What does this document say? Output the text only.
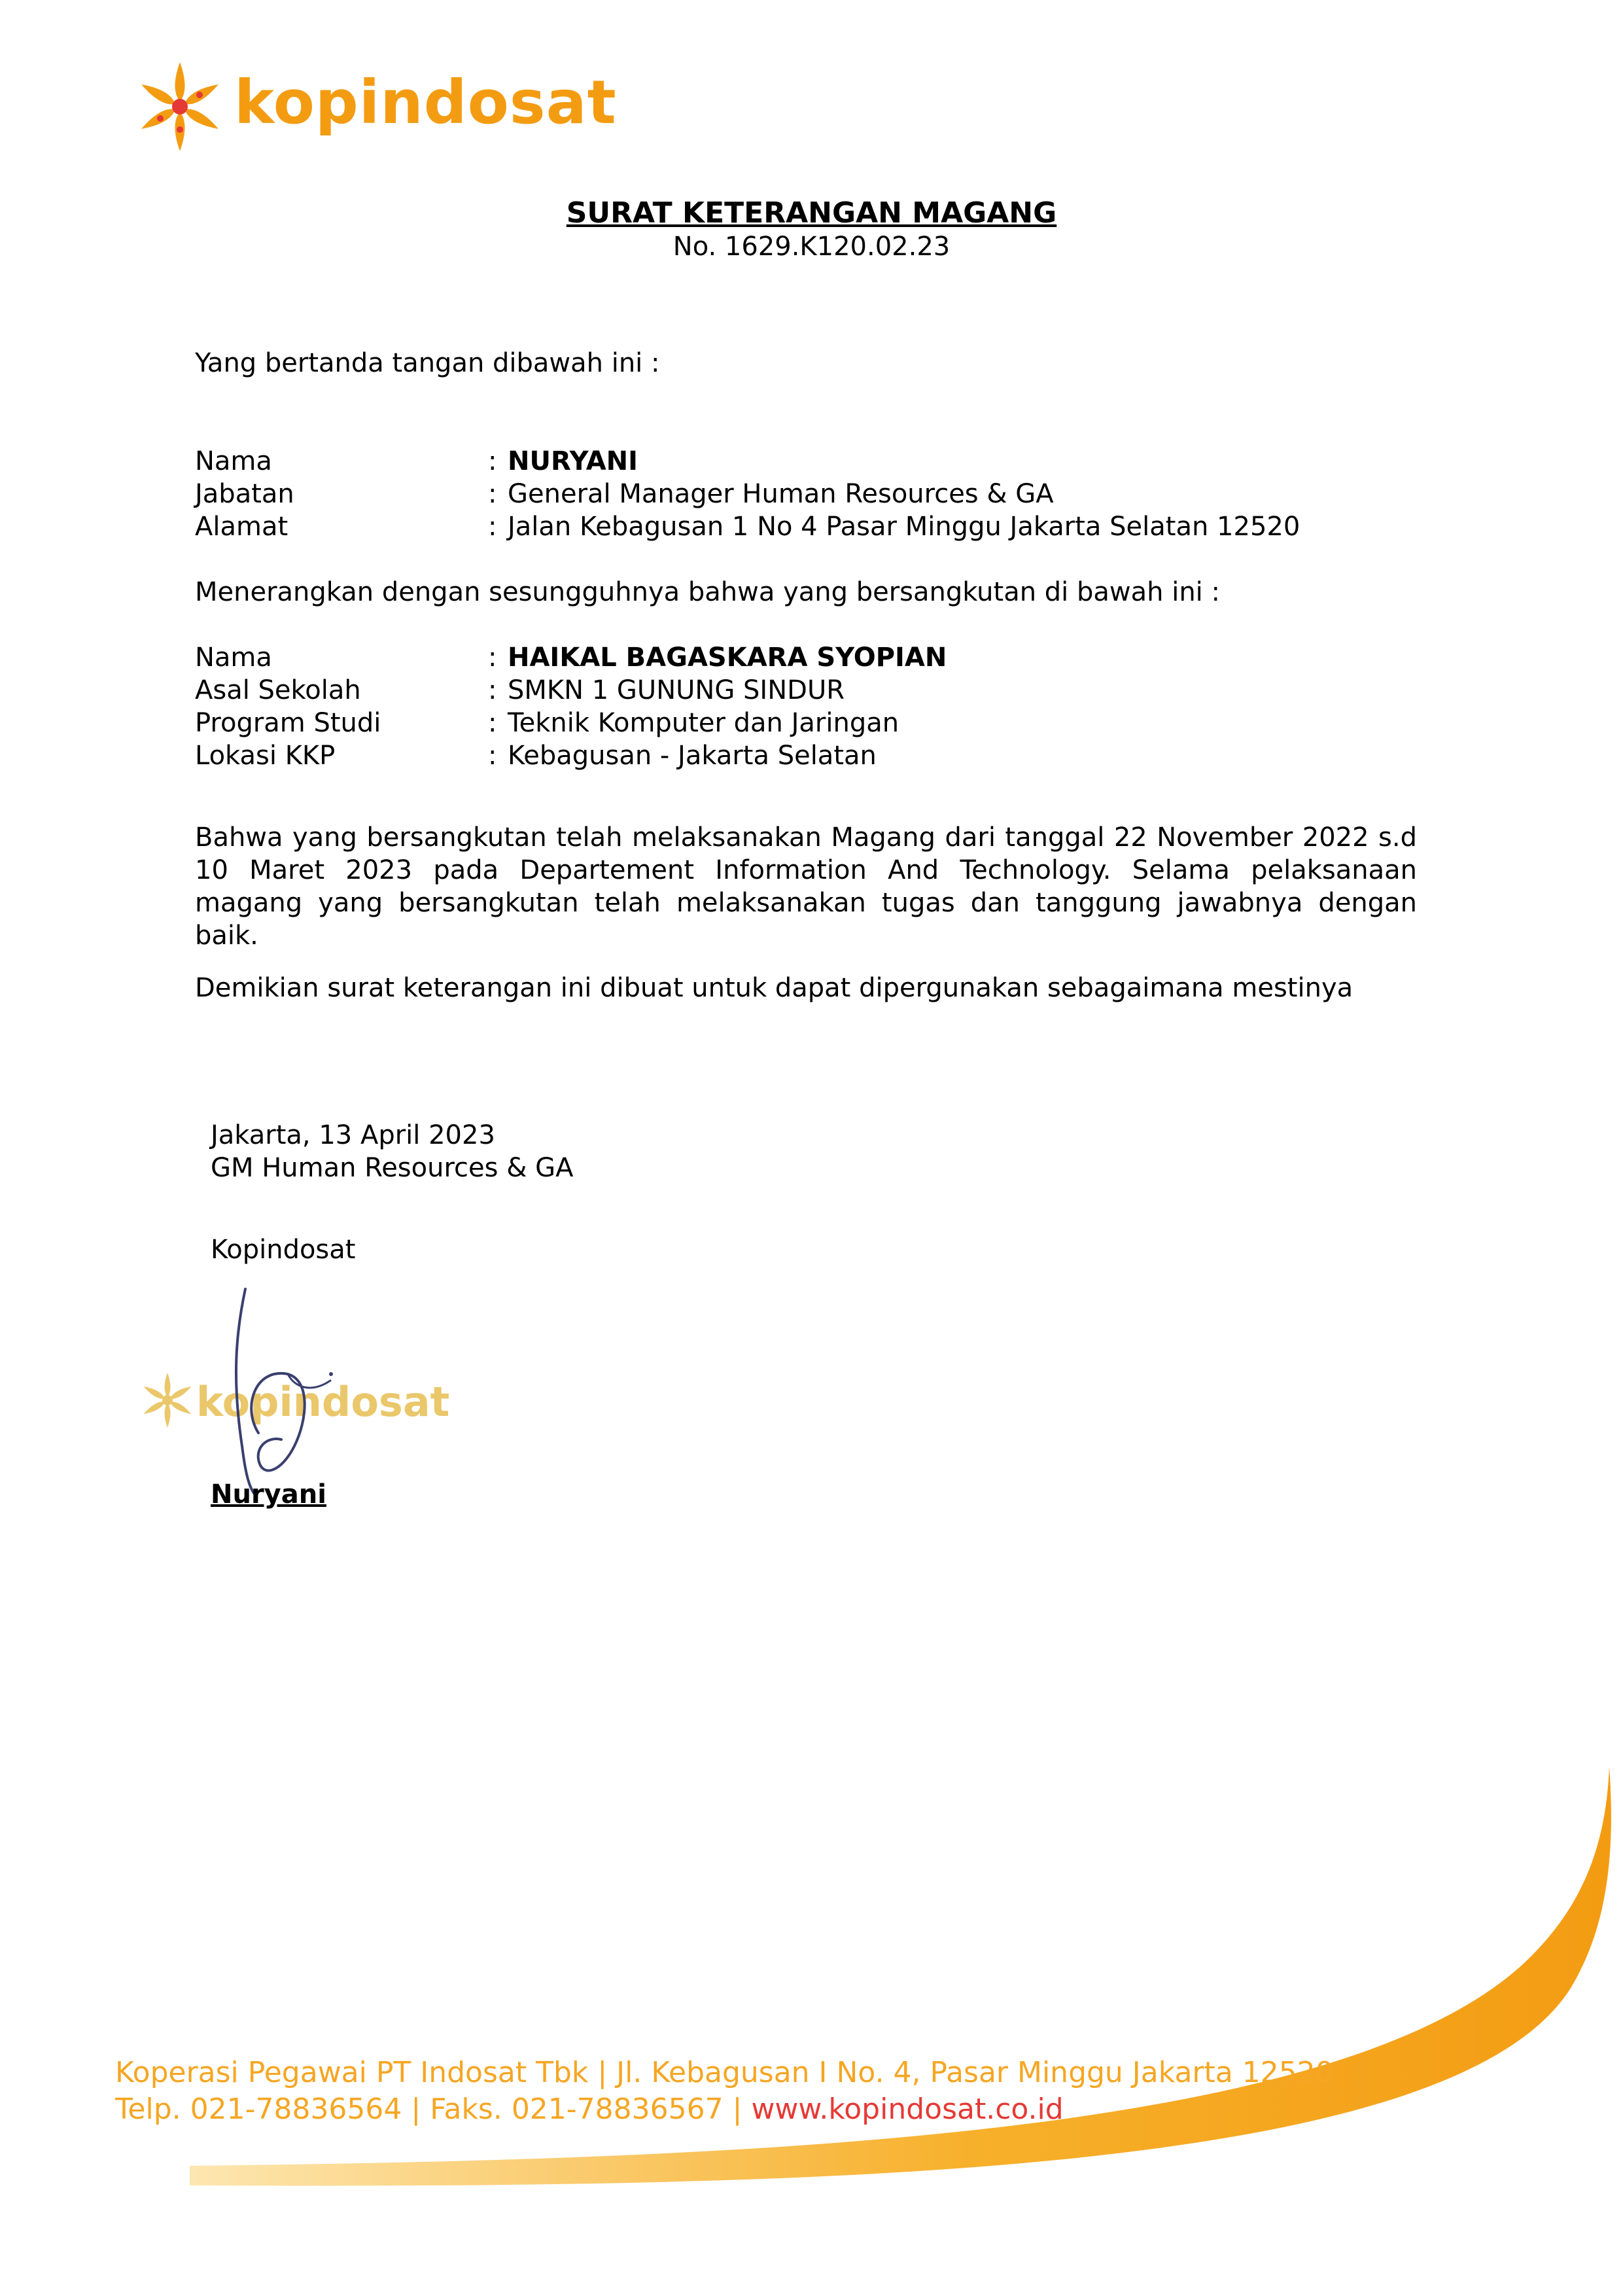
kopindosat
SURAT KETERANGAN MAGANG
No. 1629.K120.02.23
Yang bertanda tangan dibawah ini :
Nama	: NURYANI
Jabatan	: General Manager Human Resources & GA
Alamat	: Jalan Kebagusan 1 No 4 Pasar Minggu Jakarta Selatan 12520
Menerangkan dengan sesungguhnya bahwa yang bersangkutan di bawah ini :
Nama	: HAIKAL BAGASKARA SYOPIAN
Asal Sekolah	: SMKN 1 GUNUNG SINDUR
Program Studi	: Teknik Komputer dan Jaringan
Lokasi KKP	: Kebagusan - Jakarta Selatan
Bahwa yang bersangkutan telah melaksanakan Magang dari tanggal 22 November 2022 s.d 10 Maret 2023 pada Departement Information And Technology. Selama pelaksanaan magang yang bersangkutan telah melaksanakan tugas dan tanggung jawabnya dengan baik.
Demikian surat keterangan ini dibuat untuk dapat dipergunakan sebagaimana mestinya
Jakarta, 13 April 2023
GM Human Resources & GA
Kopindosat
kopindosat
Nuryani
Koperasi Pegawai PT Indosat Tbk | Jl. Kebagusan I No. 4, Pasar Minggu Jakarta 12520
Telp. 021-78836564 | Faks. 021-78836567 | www.kopindosat.co.id
